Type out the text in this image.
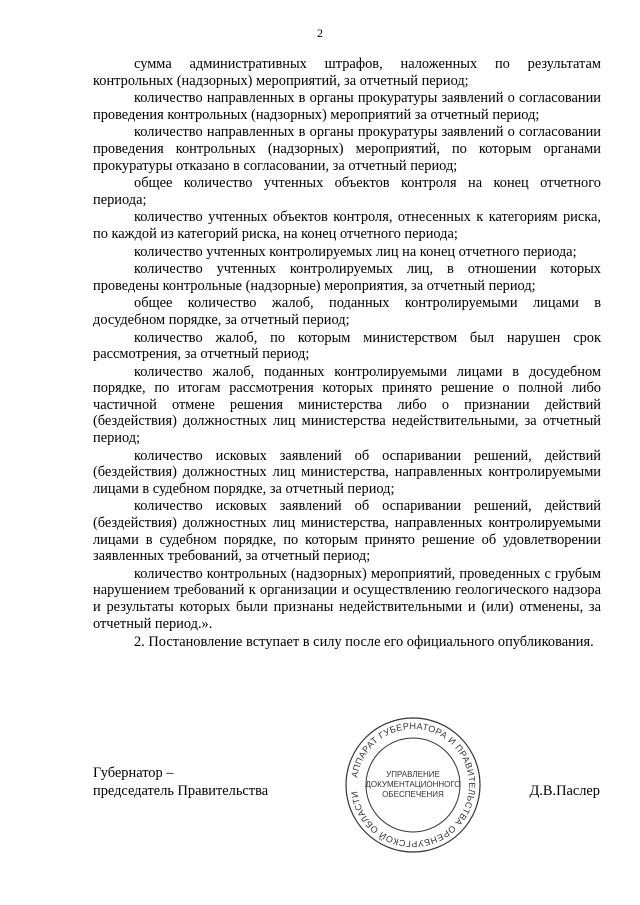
2

сумма административных штрафов, наложенных по результатам контрольных (надзорных) мероприятий, за отчетный период;

количество направленных в органы прокуратуры заявлений о согласовании проведения контрольных (надзорных) мероприятий за отчетный период;

количество направленных в органы прокуратуры заявлений о согласовании проведения контрольных (надзорных) мероприятий, по которым органами прокуратуры отказано в согласовании, за отчетный период;

общее количество учтенных объектов контроля на конец отчетного периода;

количество учтенных объектов контроля, отнесенных к категориям риска, по каждой из категорий риска, на конец отчетного периода;

количество учтенных контролируемых лиц на конец отчетного периода;

количество учтенных контролируемых лиц, в отношении которых проведены контрольные (надзорные) мероприятия, за отчетный период;

общее количество жалоб, поданных контролируемыми лицами в досудебном порядке, за отчетный период;

количество жалоб, по которым министерством был нарушен срок рассмотрения, за отчетный период;

количество жалоб, поданных контролируемыми лицами в досудебном порядке, по итогам рассмотрения которых принято решение о полной либо частичной отмене решения министерства либо о признании действий (бездействия) должностных лиц министерства недействительными, за отчетный период;

количество исковых заявлений об оспаривании решений, действий (бездействия) должностных лиц министерства, направленных контролируемыми лицами в судебном порядке, за отчетный период;

количество исковых заявлений об оспаривании решений, действий (бездействия) должностных лиц министерства, направленных контролируемыми лицами в судебном порядке, по которым принято решение об удовлетворении заявленных требований, за отчетный период;

количество контрольных (надзорных) мероприятий, проведенных с грубым нарушением требований к организации и осуществлению геологического надзора и результаты которых были признаны недействительными и (или) отменены, за отчетный период.».

2. Постановление вступает в силу после его официального опубликования.

Губернатор –
председатель Правительства
АППАРАТ ГУБЕРНАТОРА И ПРАВИТЕЛЬСТВА ОРЕНБУРГСКОЙ ОБЛАСТИ
УПРАВЛЕНИЕ
ДОКУМЕНТАЦИОННОГО
ОБЕСПЕЧЕНИЯ	Д.В.Паслер
